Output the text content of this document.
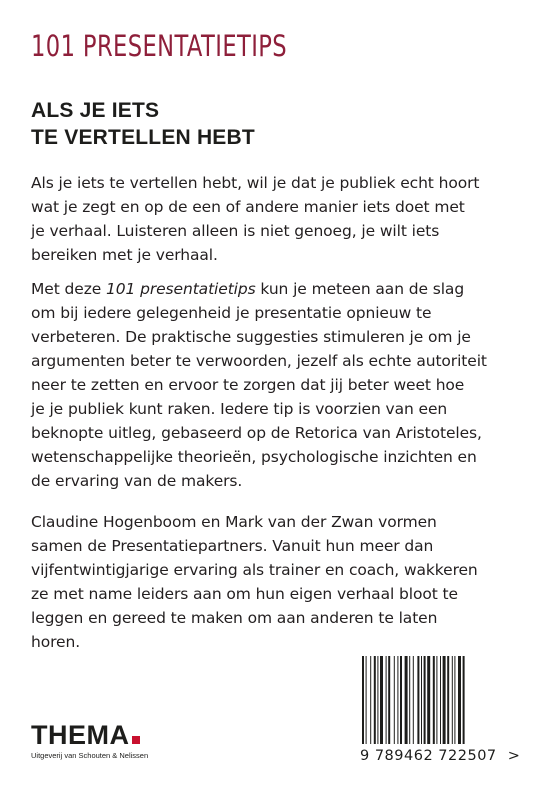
101 PRESENTATIETIPS
ALS JE IETS
TE VERTELLEN HEBT

Als je iets te vertellen hebt, wil je dat je publiek echt hoort
wat je zegt en op de een of andere manier iets doet met
je verhaal. Luisteren alleen is niet genoeg, je wilt iets
bereiken met je verhaal.

Met deze 101 presentatietips kun je meteen aan de slag
om bij iedere gelegenheid je presentatie opnieuw te
verbeteren. De praktische suggesties stimuleren je om je
argumenten beter te verwoorden, jezelf als echte autoriteit
neer te zetten en ervoor te zorgen dat jij beter weet hoe
je je publiek kunt raken. Iedere tip is voorzien van een
beknopte uitleg, gebaseerd op de Retorica van Aristoteles,
wetenschappelijke theorieën, psychologische inzichten en
de ervaring van de makers.

Claudine Hogenboom en Mark van der Zwan vormen
samen de Presentatiepartners. Vanuit hun meer dan
vijfentwintigjarige ervaring als trainer en coach, wakkeren
ze met name leiders aan om hun eigen verhaal bloot te
leggen en gereed te maken om aan anderen te laten
horen.

THEMA
Uitgeverij van Schouten & Nelissen	9 789462 722507 >
